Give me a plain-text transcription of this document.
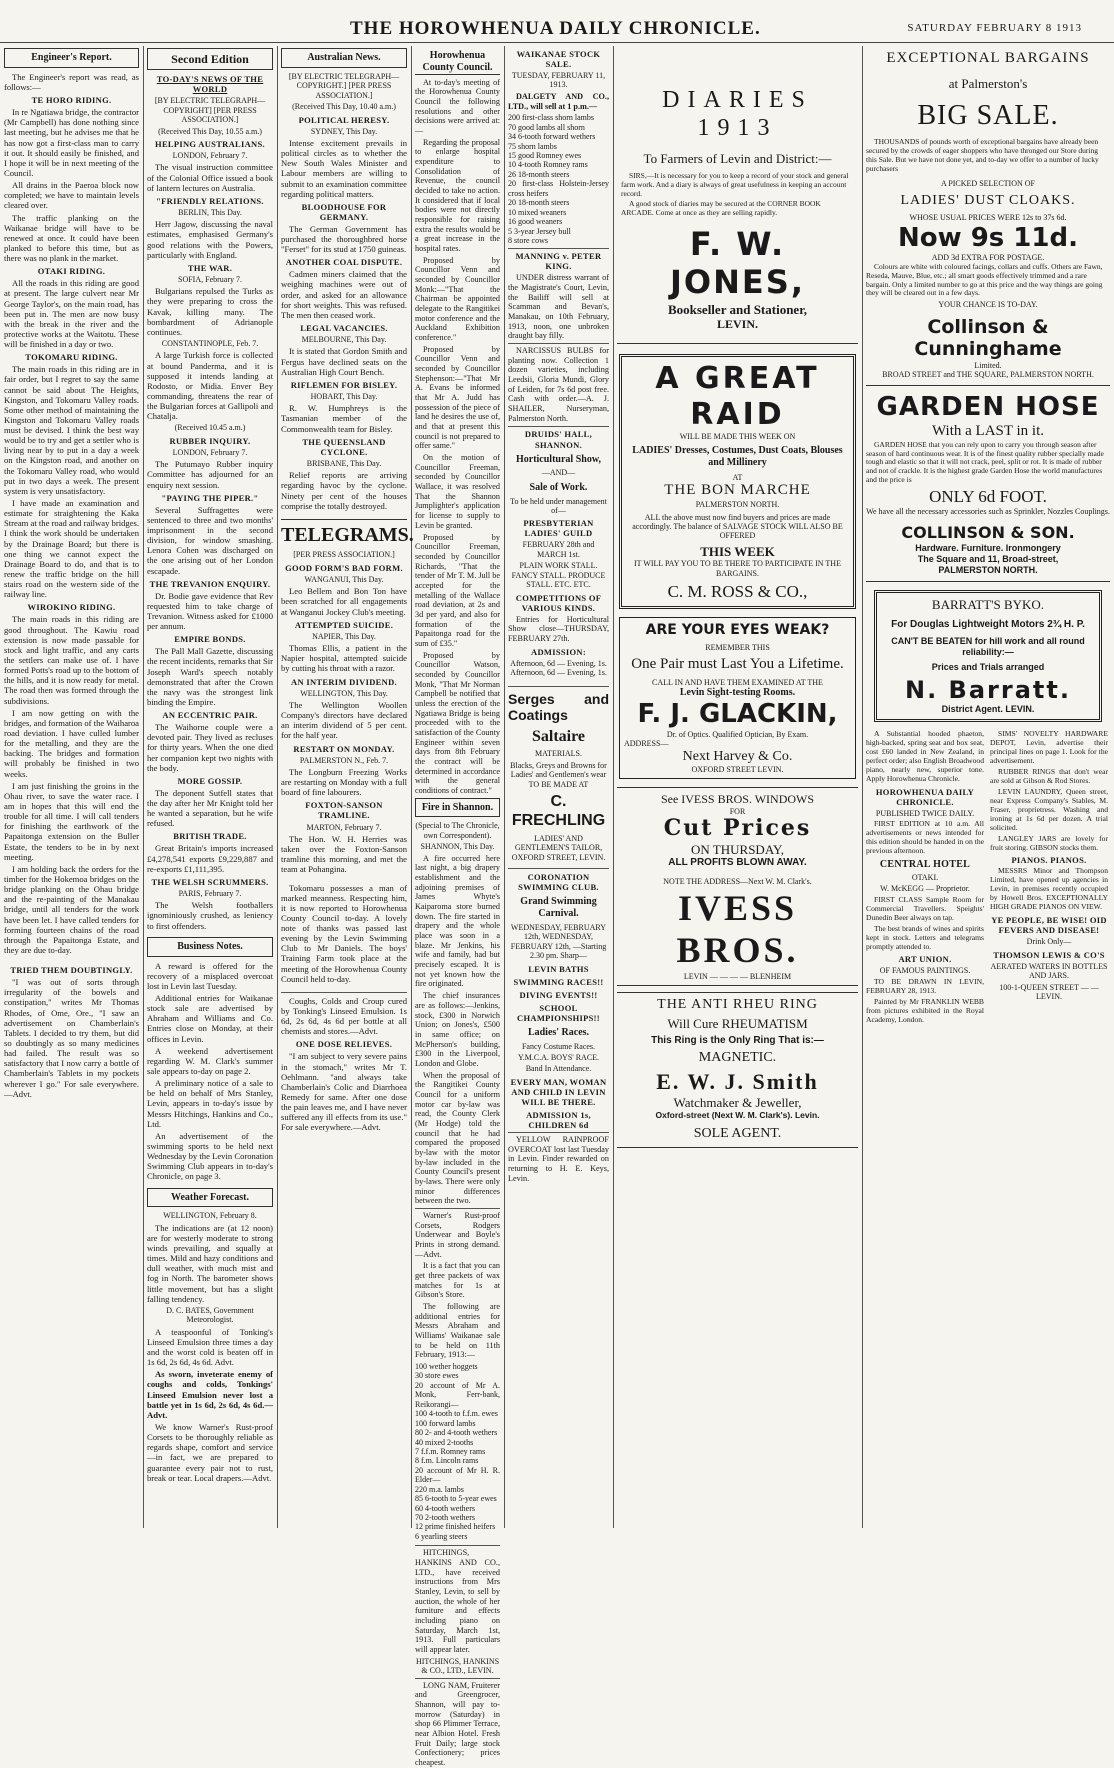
THE HOROWHENUA DAILY CHRONICLE.	SATURDAY FEBRUARY 8 1913
Engineer's Report.

The Engineer's report was read, as follows:—

TE HORO RIDING.

In re Ngatiawa bridge, the contractor (Mr Campbell) has done nothing since last meeting, but he advises me that he has now got a first-class man to carry it out. It should easily be finished, and I hope it will be in next meeting of the Council.

All drains in the Paeroa block now completed; we have to maintain levels cleared over.

The traffic planking on the Waikanae bridge will have to be renewed at once. It could have been planked to before this time, but as there was no plank in the market.

OTAKI RIDING.

All the roads in this riding are good at present. The large culvert near Mr George Taylor's, on the main road, has been put in. The men are now busy with the break in the river and the protective works at the Waitotu. These will be finished in a day or two.

TOKOMARU RIDING.

The main roads in this riding are in fair order, but I regret to say the same cannot be said about The Heights, Kingston, and Tokomaru Valley roads. Some other method of maintaining the Kingston and Tokomaru Valley roads must be devised. I think the best way would be to try and get a settler who is living near by to put in a day a week on the Kingston road, and another on the Tokomaru Valley road, who would put in two days a week. The present system is very unsatisfactory.

I have made an examination and estimate for straightening the Kaka Stream at the road and railway bridges. I think the work should be undertaken by the Drainage Board; but there is one thing we cannot expect the Drainage Board to do, and that is to renew the traffic bridge on the hill stairs road on the western side of the railway line.

WIROKINO RIDING.

The main roads in this riding are good throughout. The Kawiu road extension is now made passable for stock and light traffic, and any carts the settlers can make use of. I have formed Potts's road up to the bottom of the hills, and it is now ready for metal. The road then was formed through the subdivisions.

I am now getting on with the bridges, and formation of the Waiharoa road deviation. I have culled lumber for the metalling, and they are the backing. The bridges and formation will probably be finished in two weeks.

I am just finishing the groins in the Ohau river, to save the water race. I am in hopes that this will end the trouble for all time. I will call tenders for finishing the earthwork of the Papaitonga extension on the Buller Estate, the tenders to be in by next meeting.

I am holding back the orders for the timber for the Hokemoa bridges on the bridge planking on the Ohau bridge and the re-painting of the Manakau bridge, until all tenders for the work have been let. I have called tenders for forming fourteen chains of the road through the Papaitonga Estate, and they are due to-day.

TRIED THEM DOUBTINGLY.

"I was out of sorts through irregularity of the bowels and constipation," writes Mr Thomas Rhodes, of Ome, Ore., "I saw an advertisement on Chamberlain's Tablets. I decided to try them, but did so doubtingly as so many medicines had failed. The result was so satisfactory that I now carry a bottle of Chamberlain's Tablets in my pockets wherever I go." For sale everywhere.—Advt.

Second Edition
TO-DAY'S NEWS OF THE WORLD
[BY ELECTRIC TELEGRAPH—COPYRIGHT] [PER PRESS ASSOCIATION.]
(Received This Day, 10.55 a.m.)
HELPING AUSTRALIANS.
LONDON, February 7.

The visual instruction committee of the Colonial Office issued a book of lantern lectures on Australia.

"FRIENDLY RELATIONS.
BERLIN, This Day.

Herr Jagow, discussing the naval estimates, emphasised Germany's good relations with the Powers, particularly with England.

THE WAR.
SOFIA, February 7.

Bulgarians repulsed the Turks as they were preparing to cross the Kavak, killing many. The bombardment of Adrianople continues.

CONSTANTINOPLE, Feb. 7.

A large Turkish force is collected at bound Panderma, and it is supposed it intends landing at Rodosto, or Midia. Enver Bey commanding, threatens the rear of the Bulgarian forces at Gallipoli and Chatalja.

(Received 10.45 a.m.)
RUBBER INQUIRY.
LONDON, February 7.

The Putumayo Rubber inquiry Committee has adjourned for an enquiry next session.

"PAYING THE PIPER."

Several Suffragettes were sentenced to three and two months' imprisonment in the second division, for window smashing. Lenora Cohen was discharged on the one arising out of her London escapade.

THE TREVANION ENQUIRY.

Dr. Bodie gave evidence that Rev requested him to take charge of Trevanion. Witness asked for £1000 per annum.

EMPIRE BONDS.

The Pall Mall Gazette, discussing the recent incidents, remarks that Sir Joseph Ward's speech notably demonstrated that after the Crown the navy was the strongest link binding the Empire.

AN ECCENTRIC PAIR.

The Waihorne couple were a devoted pair. They lived as recluses for thirty years. When the one died her companion kept two nights with the body.

MORE GOSSIP.

The deponent Sutfell states that the day after her Mr Knight told her he wanted a separation, but he wife refused.

BRITISH TRADE.

Great Britain's imports increased £4,278,541 exports £9,229,887 and re-exports £1,111,395.

THE WELSH SCRUMMERS.
PARIS, February 7.

The Welsh footballers ignominiously crushed, as leniency to first offenders.

Business Notes.

A reward is offered for the recovery of a misplaced overcoat lost in Levin last Tuesday.

Additional entries for Waikanae stock sale are advertised by Abraham and Williams and Co. Entries close on Monday, at their offices in Levin.

A weekend advertisement regarding W. M. Clark's summer sale appears to-day on page 2.

A preliminary notice of a sale to be held on behalf of Mrs Stanley, Levin, appears in to-day's issue by Messrs Hitchings, Hankins and Co., Ltd.

An advertisement of the swimming sports to be held next Wednesday by the Levin Coronation Swimming Club appears in to-day's Chronicle, on page 3.

Weather Forecast.
WELLINGTON, February 8.

The indications are (at 12 noon) are for westerly moderate to strong winds prevailing, and squally at times. Mild and hazy conditions and dull weather, with much mist and fog in North. The barometer shows little movement, but has a slight falling tendency.

D. C. BATES, Government Meteorologist.

A teaspoonful of Tonking's Linseed Emulsion three times a day and the worst cold is beaten off in 1s 6d, 2s 6d, 4s 6d. Advt.

As sworn, inveterate enemy of coughs and colds, Tonkings' Linseed Emulsion never lost a battle yet in 1s 6d, 2s 6d, 4s 6d.—Advt.

We know Warner's Rust-proof Corsets to be thoroughly reliable as regards shape, comfort and service —in fact, we are prepared to guarantee every pair not to rust, break or tear. Local drapers.—Advt.

Australian News.
[BY ELECTRIC TELEGRAPH—COPYRIGHT.] [PER PRESS ASSOCIATION.]
(Received This Day, 10.40 a.m.)
POLITICAL HERESY.
SYDNEY, This Day.

Intense excitement prevails in political circles as to whether the New South Wales Minister and Labour members are willing to submit to an examination committee regarding political matters.

BLOODHOUSE FOR GERMANY.

The German Government has purchased the thoroughbred horse "Ferset" for its stud at 1750 guineas.

ANOTHER COAL DISPUTE.

Cadmen miners claimed that the weighing machines were out of order, and asked for an allowance for short weights. This was refused. The men then ceased work.

LEGAL VACANCIES.
MELBOURNE, This Day.

It is stated that Gordon Smith and Fergus have declined seats on the Australian High Court Bench.

RIFLEMEN FOR BISLEY.
HOBART, This Day.

R. W. Humphreys is the Tasmanian member of the Commonwealth team for Bisley.

THE QUEENSLAND CYCLONE.
BRISBANE, This Day.

Relief reports are arriving regarding havoc by the cyclone. Ninety per cent of the houses comprise the totally destroyed.

TELEGRAMS.
[PER PRESS ASSOCIATION.]
GOOD FORM'S BAD FORM.
WANGANUI, This Day.

Leo Bellem and Bon Ton have been scratched for all engagements at Wanganui Jockey Club's meeting.

ATTEMPTED SUICIDE.
NAPIER, This Day.

Thomas Ellis, a patient in the Napier hospital, attempted suicide by cutting his throat with a razor.

AN INTERIM DIVIDEND.
WELLINGTON, This Day.

The Wellington Woollen Company's directors have declared an interim dividend of 5 per cent. for the half year.

RESTART ON MONDAY.
PALMERSTON N., Feb. 7.

The Longburn Freezing Works are restarting on Monday with a full board of fine labourers.

FOXTON-SANSON TRAMLINE.
MARTON, February 7.

The Hon. W. H. Herries was taken over the Foxton-Sanson tramline this morning, and met the team at Pohangina.

Tokomaru possesses a man of marked meanness. Respecting him, it is now reported to Horowhenua County Council to-day. A lovely note of thanks was passed last evening by the Levin Swimming Club to Mr Daniels. The boys' Training Farm took place at the meeting of the Horowhenua County Council held to-day.

Coughs, Colds and Croup cured by Tonking's Linseed Emulsion. 1s 6d, 2s 6d, 4s 6d per bottle at all chemists and stores.—Advt.

ONE DOSE RELIEVES.

"I am subject to very severe pains in the stomach," writes Mr T. Oehlmann. "and always take Chamberlain's Colic and Diarrhoea Remedy for same. After one dose the pain leaves me, and I have never suffered any ill effects from its use." For sale everywhere.—Advt.

Horowhenua County Council.

At to-day's meeting of the Horowhenua County Council the following resolutions and other decisions were arrived at:—

Regarding the proposal to enlarge hospital expenditure to Consolidation of Revenue, the council decided to take no action. It considered that if local bodies were not directly responsible for raising extra the results would be a great increase in the hospital rates.

Proposed by Councillor Venn and seconded by Councillor Monk:—"That the Chairman be appointed delegate to the Rangitikei motor conference and the Auckland Exhibition conference."

Proposed by Councillor Venn and seconded by Councillor Stephenson:—"That Mr A. Evans be informed that Mr A. Judd has possession of the piece of land he desires the use of, and that at present this council is not prepared to offer same."

On the motion of Councillor Freeman, seconded by Councillor Wallace, it was resolved That the Shannon Jumplighter's application for license to supply to Levin be granted.

Proposed by Councillor Freeman, seconded by Councillor Richards, "That the tender of Mr T. M. Jull be accepted for the metalling of the Wallace road deviation, at 2s and 3d per yard, and also for formation of the Papaitonga road for the sum of £35."

Proposed by Councillor Watson, seconded by Councillor Monk, "That Mr Norman Campbell be notified that unless the erection of the Ngatiawa Bridge is being proceeded with to the satisfaction of the County Engineer within seven days from 8th February the contract will be determined in accordance with the general conditions of contract."

Fire in Shannon.
(Special to The Chronicle, own Correspondent).
SHANNON, This Day.

A fire occurred here last night, a big drapery establishment and the adjoining premises of James Whyte's Kaiparoma store burned down. The fire started in drapery and the whole place was soon in a blaze. Mr Jenkins, his wife and family, had but precisely escaped. It is not yet known how the fire originated.

The chief insurances are as follows:—Jenkins, stock, £300 in Norwich Union; on Jones's, £500 in same office; on McPherson's building, £300 in the Liverpool, London and Globe.

When the proposal of the Rangitikei County Council for a uniform motor car by-law was read, the County Clerk (Mr Hodge) told the council that he had compared the proposed by-law with the motor by-law included in the County Council's present by-laws. There were only minor differences between the two.

Warner's Rust-proof Corsets, Rodgers Underwear and Boyle's Prints in strong demand.—Advt.

It is a fact that you can get three packets of wax matches for 1s at Gibson's Store.

The following are additional entries for Messrs Abraham and Williams' Waikanae sale to be held on 11th February, 1913:—

100 wether hoggets
30 store ewes
20 account of Mr A. Monk, Ferr-bank, Reikorangi—
100 4-tooth to f.f.m. ewes
100 forward lambs
80 2- and 4-tooth wethers
40 mixed 2-tooths
7 f.f.m. Romney rams
8 f.m. Lincoln rams
20 account of Mr H. R. Elder—
220 m.a. lambs
85 6-tooth to 5-year ewes
60 4-tooth wethers
70 2-tooth wethers
12 prime finished heifers
6 yearling steers

HITCHINGS, HANKINS AND CO., LTD., have received instructions from Mrs Stanley, Levin, to sell by auction, the whole of her furniture and effects including piano on Saturday, March 1st, 1913. Full particulars will appear later.

HITCHINGS, HANKINS & CO., LTD., LEVIN.

LONG NAM, Fruiterer and Greengrocer, Shannon, will pay to-morrow (Saturday) in shop 66 Plimmer Terrace, near Albion Hotel. Fresh Fruit Daily; large stock Confectionery; prices cheapest.

WAIKANAE STOCK SALE.
TUESDAY, FEBRUARY 11, 1913.

DALGETY AND CO., LTD., will sell at 1 p.m.—

200 first-class shorn lambs
70 good lambs all shorn
34 6-tooth forward wethers
75 shorn lambs
15 good Romney ewes
10 4-tooth Romney rams
26 18-month steers
20 first-class Holstein-Jersey cross heifers
20 18-month steers
10 mixed weaners
16 good weaners
5 3-year Jersey bull
8 store cows
MANNING v. PETER KING.

UNDER distress warrant of the Magistrate's Court, Levin, the Bailiff will sell at Scamman and Bevan's, Manakau, on 10th February, 1913, noon, one unbroken draught bay filly.

NARCISSUS BULBS for planting now. Collection 1 dozen varieties, including Leedsii, Gloria Mundi, Glory of Leiden, for 7s 6d post free. Cash with order.—A. J. SHAILER, Nurseryman, Palmerston North.

DRUIDS' HALL, SHANNON.
Horticultural Show,
—AND—
Sale of Work.
To be held under management of—
PRESBYTERIAN LADIES' GUILD
FEBRUARY 28th and MARCH 1st.
PLAIN WORK STALL. FANCY STALL. PRODUCE STALL. ETC. ETC.
COMPETITIONS OF VARIOUS KINDS.

Entries for Horticultural Show close—THURSDAY, FEBRUARY 27th.

ADMISSION:
Afternoon, 6d — Evening, 1s. Afternoon, 6d — Evening, 1s.
Serges and Coatings
Saltaire
MATERIALS.
Blacks, Greys and Browns for Ladies' and Gentlemen's wear TO BE MADE AT
C. FRECHLING
LADIES' AND GENTLEMEN'S TAILOR, OXFORD STREET, LEVIN.
CORONATION SWIMMING CLUB.
Grand Swimming Carnival.
WEDNESDAY, FEBRUARY 12th, WEDNESDAY, FEBRUARY 12th, —Starting 2.30 pm. Sharp—
LEVIN BATHS
SWIMMING RACES!!
DIVING EVENTS!!
SCHOOL CHAMPIONSHIPS!!
Ladies' Races.
Fancy Costume Races.
Y.M.C.A. BOYS' RACE.
Band In Attendance.
EVERY MAN, WOMAN AND CHILD IN LEVIN WILL BE THERE.
ADMISSION 1s, CHILDREN 6d

YELLOW RAINPROOF OVERCOAT lost last Tuesday in Levin. Finder rewarded on returning to H. E. Keys, Levin.

DIARIES 1913
To Farmers of Levin and District:—

SIRS,—It is necessary for you to keep a record of your stock and general farm work. And a diary is always of great usefulness in keeping an account record.

A good stock of diaries may be secured at the CORNER BOOK ARCADE. Come at once as they are selling rapidly.

F. W. JONES,
Bookseller and Stationer,
LEVIN.
A GREAT RAID
WILL BE MADE THIS WEEK ON
LADIES' Dresses, Costumes, Dust Coats, Blouses and Millinery
AT
THE BON MARCHE
PALMERSTON NORTH.
ALL the above must now find buyers and prices are made accordingly. The balance of SALVAGE STOCK WILL ALSO BE OFFERED
THIS WEEK
IT WILL PAY YOU TO BE THERE TO PARTICIPATE IN THE BARGAINS.
C. M. ROSS & CO.,
ARE YOUR EYES WEAK?
REMEMBER THIS
One Pair must Last You a Lifetime.
CALL IN AND HAVE THEM EXAMINED AT THE
Levin Sight-testing Rooms.
F. J. GLACKIN,
Dr. of Optics. Qualified Optician, By Exam.
ADDRESS—
Next Harvey & Co.
OXFORD STREET LEVIN.
See IVESS BROS. WINDOWS
FOR
Cut Prices
ON THURSDAY,
ALL PROFITS BLOWN AWAY.
NOTE THE ADDRESS—Next W. M. Clark's.
IVESS BROS.
LEVIN — — — — BLENHEIM
THE ANTI RHEU RING
Will Cure RHEUMATISM
This Ring is the Only Ring That is:—
MAGNETIC.
E. W. J. Smith
Watchmaker & Jeweller,
Oxford-street (Next W. M. Clark's). Levin.
SOLE AGENT.
EXCEPTIONAL BARGAINS
at Palmerston's
BIG SALE.

THOUSANDS of pounds worth of exceptional bargains have already been secured by the crowds of eager shoppers who have thronged our Store during this Sale. But we have not done yet, and to-day we offer to a number of lucky purchasers

A PICKED SELECTION OF
LADIES' DUST CLOAKS.
WHOSE USUAL PRICES WERE 12s to 37s 6d.
Now 9s 11d.
ADD 3d EXTRA FOR POSTAGE.

Colours are white with coloured facings, collars and cuffs. Others are Fawn, Reseda, Mauve, Blue, etc.; all smart goods effectively trimmed and a rare bargain. Only a limited number to go at this price and the way things are going they will be cleared out in a few days.

YOUR CHANCE IS TO-DAY.
Collinson & Cunninghame
Limited.
BROAD STREET and THE SQUARE, PALMERSTON NORTH.
GARDEN HOSE
With a LAST in it.

GARDEN HOSE that you can rely upon to carry you through season after season of hard continuous wear. It is of the finest quality rubber specially made tough and elastic so that it will not crack, peel, split or rot. It is made of rubber and not of crackle. It is the highest grade Garden Hose the world manufactures and the price is

ONLY 6d FOOT.
We have all the necessary accessories such as Sprinkler, Nozzles Couplings.
COLLINSON & SON.
Hardware. Furniture. Ironmongery
The Square and 11, Broad-street,
PALMERSTON NORTH.
BARRATT'S BYKO.
For Douglas Lightweight Motors 2¾ H. P.
CAN'T BE BEATEN for hill work and all round reliability:—
Prices and Trials arranged
N. Barratt.
District Agent. LEVIN.

A Substantial hooded phaeton, high-backed, spring seat and box seat, cost £60 landed in New Zealand, in perfect order; also English Broadwood piano, nearly new, superior tone. Apply Horowhenua Chronicle.

HOROWHENUA DAILY CHRONICLE.
PUBLISHED TWICE DAILY.

FIRST EDITION at 10 a.m. All advertisements or news intended for this edition should be handed in on the previous afternoon.

CENTRAL HOTEL
OTAKI.
W. McKEGG — Proprietor.

FIRST CLASS Sample Room for Commercial Travellers. Speights' Dunedin Beer always on tap.

The best brands of wines and spirits kept in stock. Letters and telegrams promptly attended to.

ART UNION.
OF FAMOUS PAINTINGS.

TO BE DRAWN IN LEVIN, FEBRUARY 28, 1913.

Painted by Mr FRANKLIN WEBB from pictures exhibited in the Royal Academy, London.

SIMS' NOVELTY HARDWARE DEPOT, Levin, advertise their principal lines on page 1. Look for the advertisement.

RUBBER RINGS that don't wear are sold at Gibson & Rod Stores.

LEVIN LAUNDRY, Queen street, near Express Company's Stables, M. Fraser, proprietress. Washing and ironing at 1s 6d per dozen. A trial solicited.

LANGLEY JARS are lovely for fruit storing. GIBSON stocks them.

PIANOS. PIANOS.

MESSRS Minor and Thompson Limited, have opened up agencies in Levin, in premises recently occupied by Howell Bros. EXCEPTIONALLY HIGH GRADE PIANOS ON VIEW.

YE PEOPLE, BE WISE! OID FEVERS AND DISEASE!
Drink Only—
THOMSON LEWIS & CO'S
AERATED WATERS IN BOTTLES AND JARS.
100-1-QUEEN STREET — — LEVIN.
